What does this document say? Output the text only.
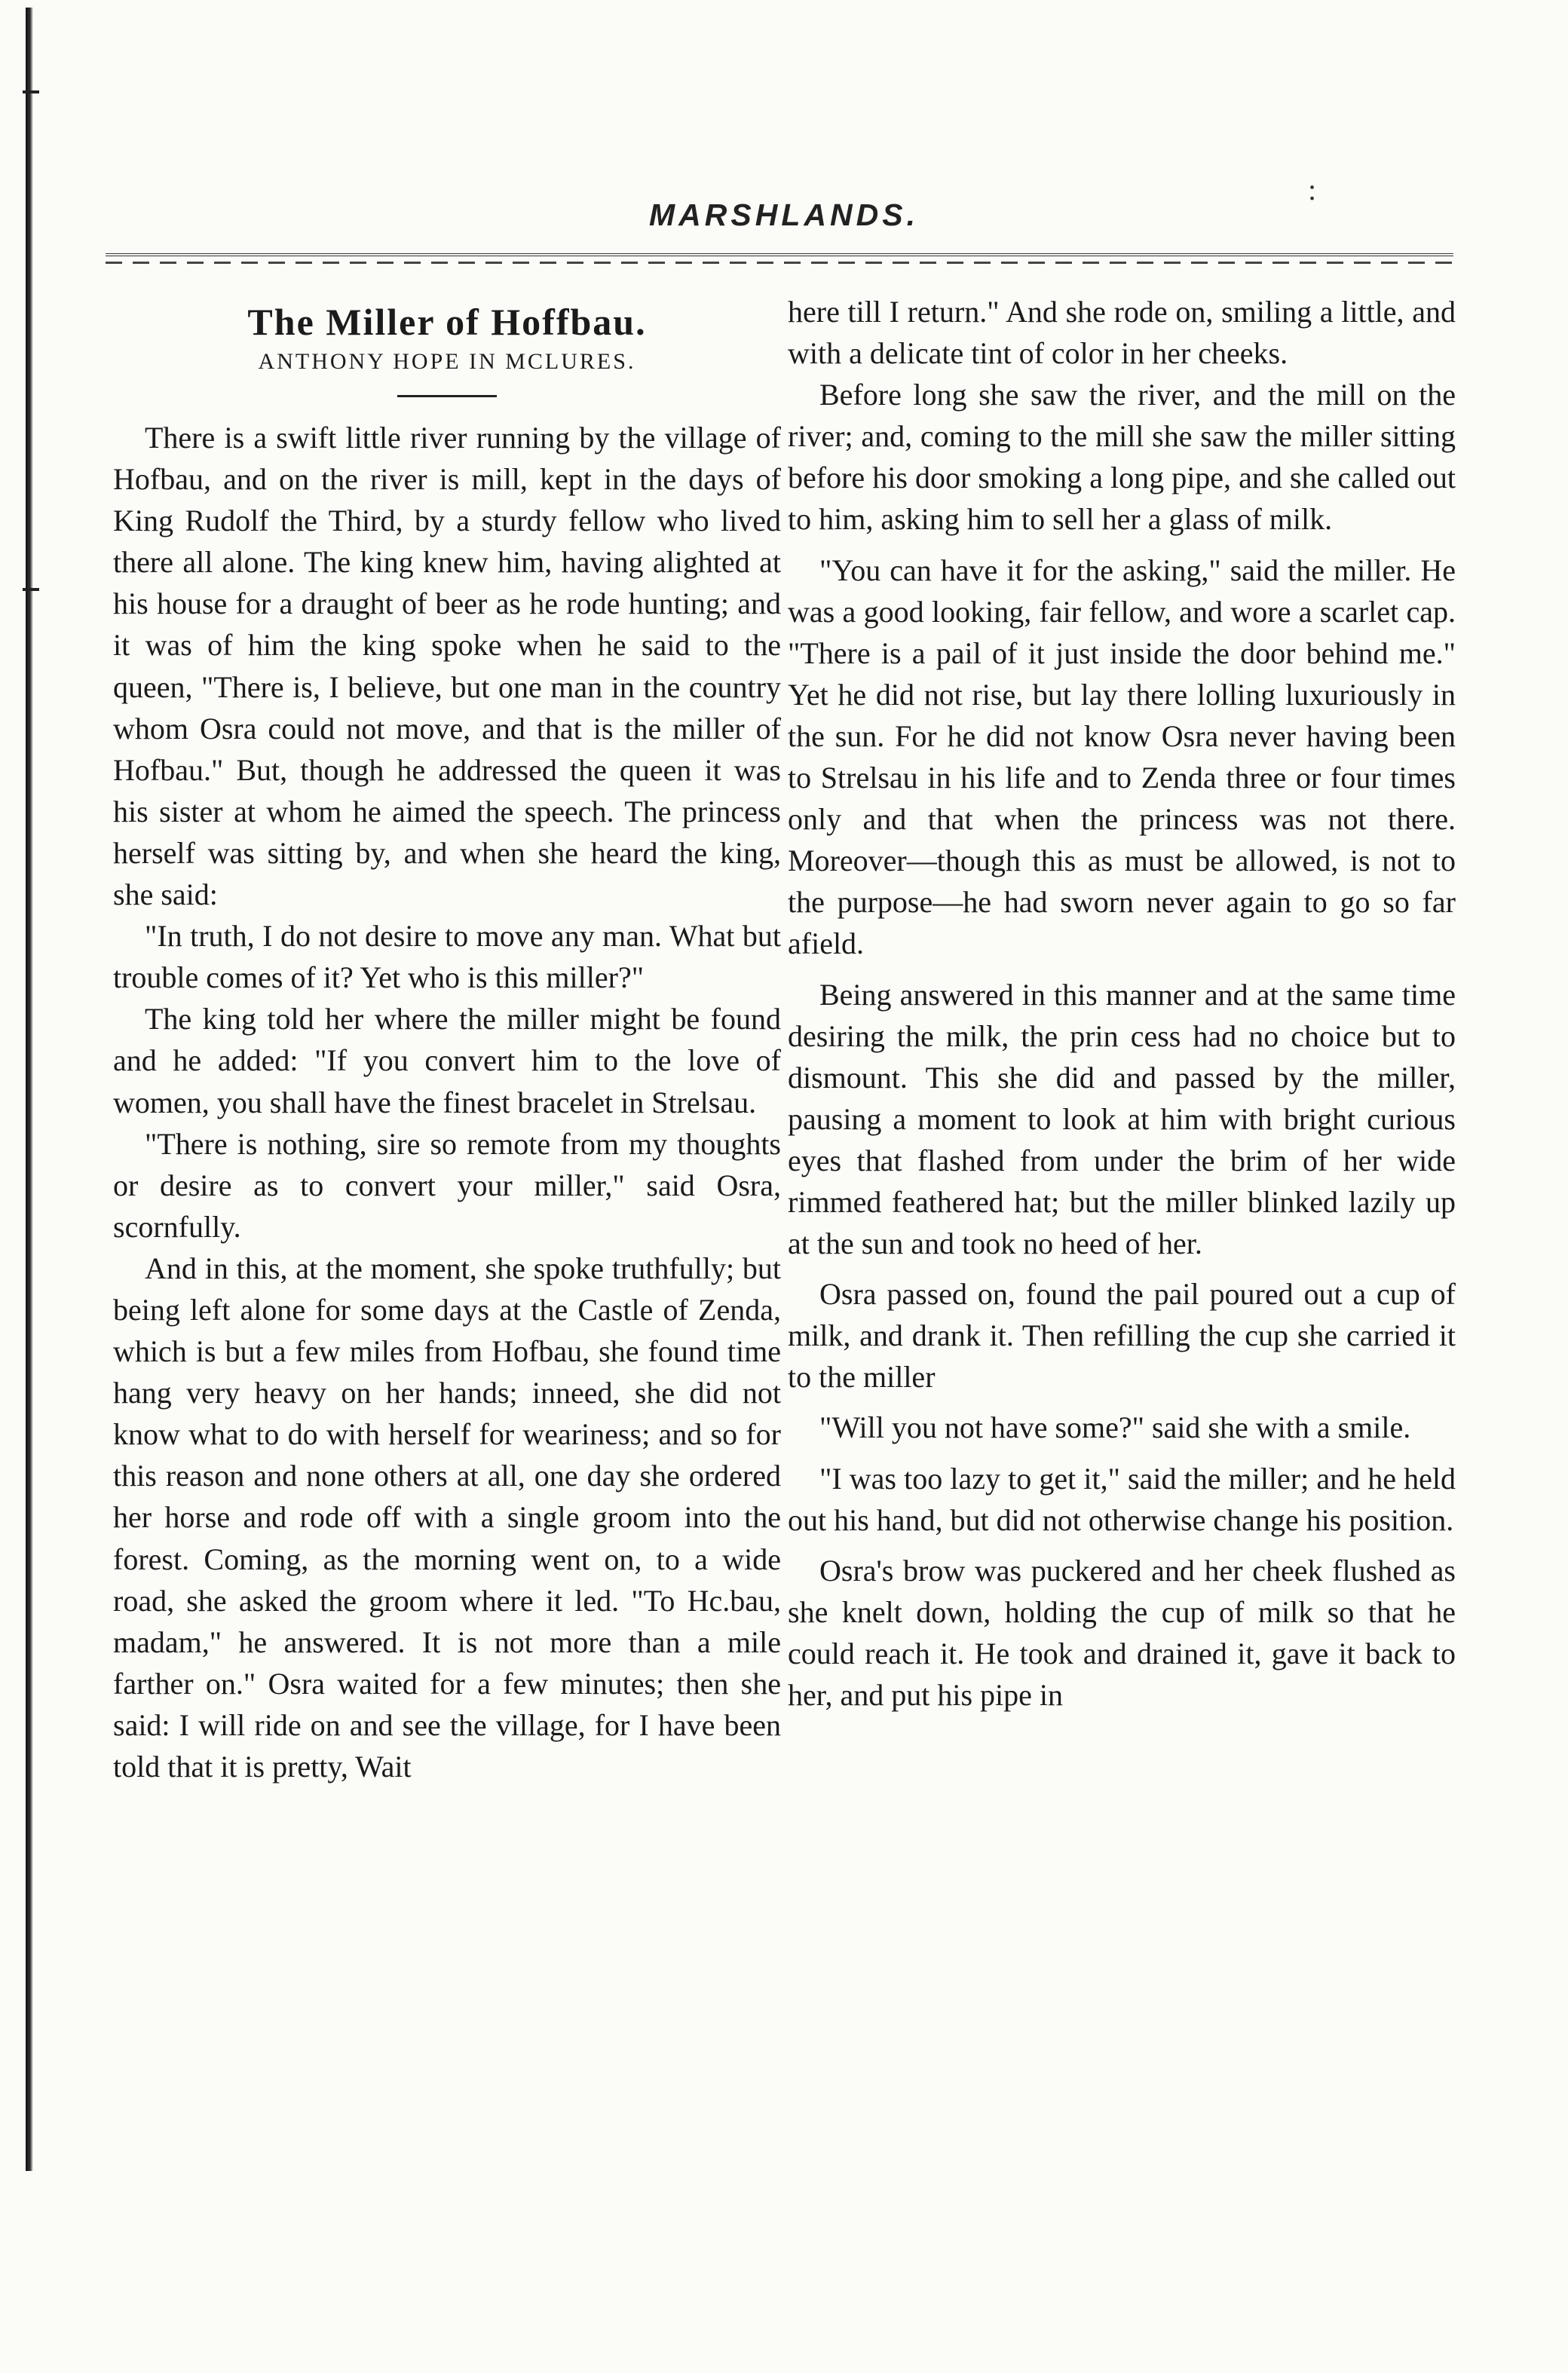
:
MARSHLANDS.
The Miller of Hoffbau.
ANTHONY HOPE IN MCLURES.

There is a swift little river running by the village of Hofbau, and on the river is mill, kept in the days of King Rudolf the Third, by a sturdy fellow who lived there all alone. The king knew him, having alighted at his house for a draught of beer as he rode hunting; and it was of him the king spoke when he said to the queen, "There is, I believe, but one man in the country whom Osra could not move, and that is the miller of Hofbau." But, though he addressed the queen it was his sister at whom he aimed the speech. The princess herself was sitting by, and when she heard the king, she said:

"In truth, I do not desire to move any man. What but trouble comes of it? Yet who is this miller?"

The king told her where the miller might be found and he added: "If you convert him to the love of women, you shall have the finest bracelet in Strelsau.

"There is nothing, sire so remote from my thoughts or desire as to convert your miller," said Osra, scornfully.

And in this, at the moment, she spoke truthfully; but being left alone for some days at the Castle of Zenda, which is but a few miles from Hofbau, she found time hang very heavy on her hands; inneed, she did not know what to do with herself for weariness; and so for this reason and none others at all, one day she ordered her horse and rode off with a single groom into the forest. Coming, as the morning went on, to a wide road, she asked the groom where it led. "To Hc.bau, madam," he answered. It is not more than a mile farther on." Osra waited for a few minutes; then she said: I will ride on and see the village, for I have been told that it is pretty, Wait

here till I return." And she rode on, smiling a little, and with a delicate tint of color in her cheeks.

Before long she saw the river, and the mill on the river; and, coming to the mill she saw the miller sitting before his door smoking a long pipe, and she called out to him, asking him to sell her a glass of milk.

"You can have it for the asking," said the miller. He was a good looking, fair fellow, and wore a scarlet cap. "There is a pail of it just inside the door behind me." Yet he did not rise, but lay there lolling luxuriously in the sun. For he did not know Osra never having been to Strelsau in his life and to Zenda three or four times only and that when the princess was not there. Moreover—though this as must be allowed, is not to the purpose—he had sworn never again to go so far afield.

Being answered in this manner and at the same time desiring the milk, the prin cess had no choice but to dismount. This she did and passed by the miller, pausing a moment to look at him with bright curious eyes that flashed from under the brim of her wide rimmed feathered hat; but the miller blinked lazily up at the sun and took no heed of her.

Osra passed on, found the pail poured out a cup of milk, and drank it. Then refilling the cup she carried it to the miller

"Will you not have some?" said she with a smile.

"I was too lazy to get it," said the miller; and he held out his hand, but did not otherwise change his position.

Osra's brow was puckered and her cheek flushed as she knelt down, holding the cup of milk so that he could reach it. He took and drained it, gave it back to her, and put his pipe in
